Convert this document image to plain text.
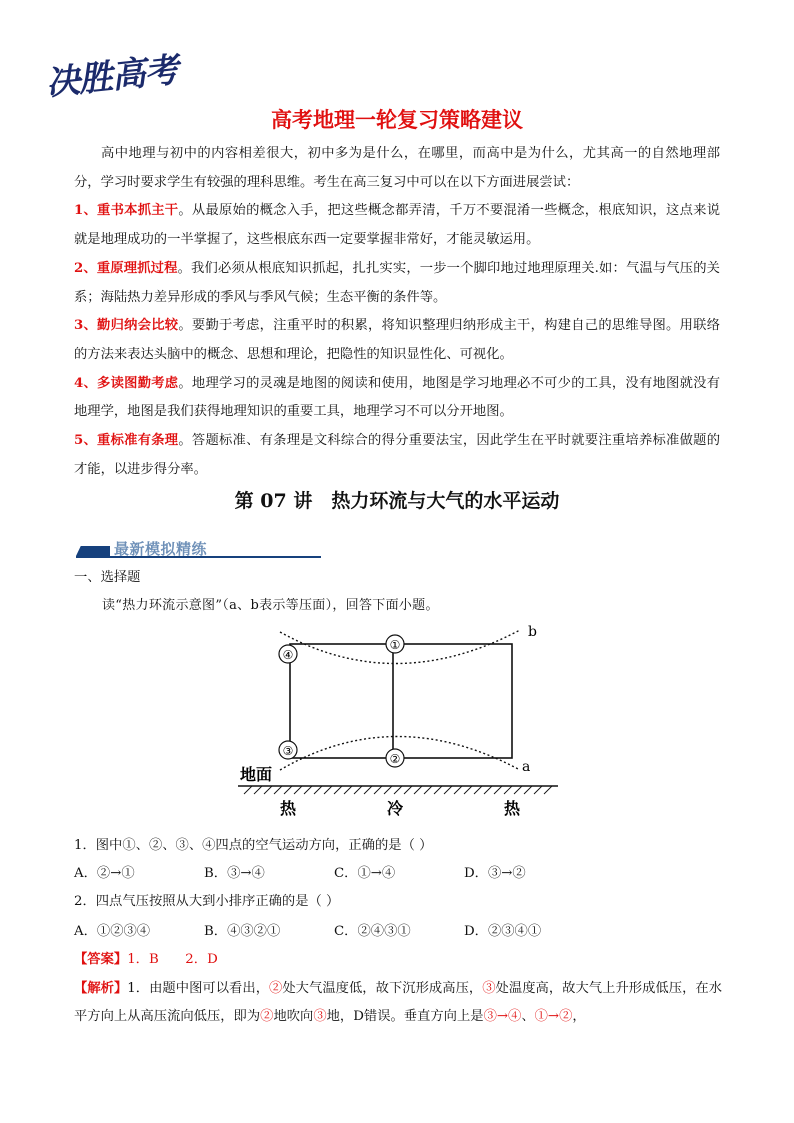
决胜高考
高考地理一轮复习策略建议

高中地理与初中的内容相差很大，初中多为是什么，在哪里，而高中是为什么，尤其高一的自然地理部分，学习时要求学生有较强的理科思维。考生在高三复习中可以在以下方面进展尝试：

1、重书本抓主干。从最原始的概念入手，把这些概念都弄清，千万不要混淆一些概念，根底知识，这点来说就是地理成功的一半掌握了，这些根底东西一定要掌握非常好，才能灵敏运用。

2、重原理抓过程。我们必须从根底知识抓起，扎扎实实，一步一个脚印地过地理原理关.如：气温与气压的关系；海陆热力差异形成的季风与季风气候；生态平衡的条件等。

3、勤归纳会比较。要勤于考虑，注重平时的积累，将知识整理归纳形成主干，构建自己的思维导图。用联络的方法来表达头脑中的概念、思想和理论，把隐性的知识显性化、可视化。

4、多读图勤考虑。地理学习的灵魂是地图的阅读和使用，地图是学习地理必不可少的工具，没有地图就没有地理学，地图是我们获得地理知识的重要工具，地理学习不可以分开地图。

5、重标准有条理。答题标准、有条理是文科综合的得分重要法宝，因此学生在平时就要注重培养标准做题的才能，以进步得分率。

第 07 讲　热力环流与大气的水平运动
最新模拟精练

一、选择题

读“热力环流示意图”（a、b表示等压面），回答下面小题。

①
②
③
④
b
a
地面
热	冷	热

1．图中①、②、③、④四点的空气运动方向，正确的是（ ）

A．②→①	B．③→④	C．①→④	D．③→②

2．四点气压按照从大到小排序正确的是（ ）

A．①②③④	B．④③②①	C．②④③①	D．②③④①

【答案】1．B　　2．D

【解析】1．由题中图可以看出，②处大气温度低，故下沉形成高压，③处温度高，故大气上升形成低压，在水平方向上从高压流向低压，即为②地吹向③地，D错误。垂直方向上是③→④、①→②，
